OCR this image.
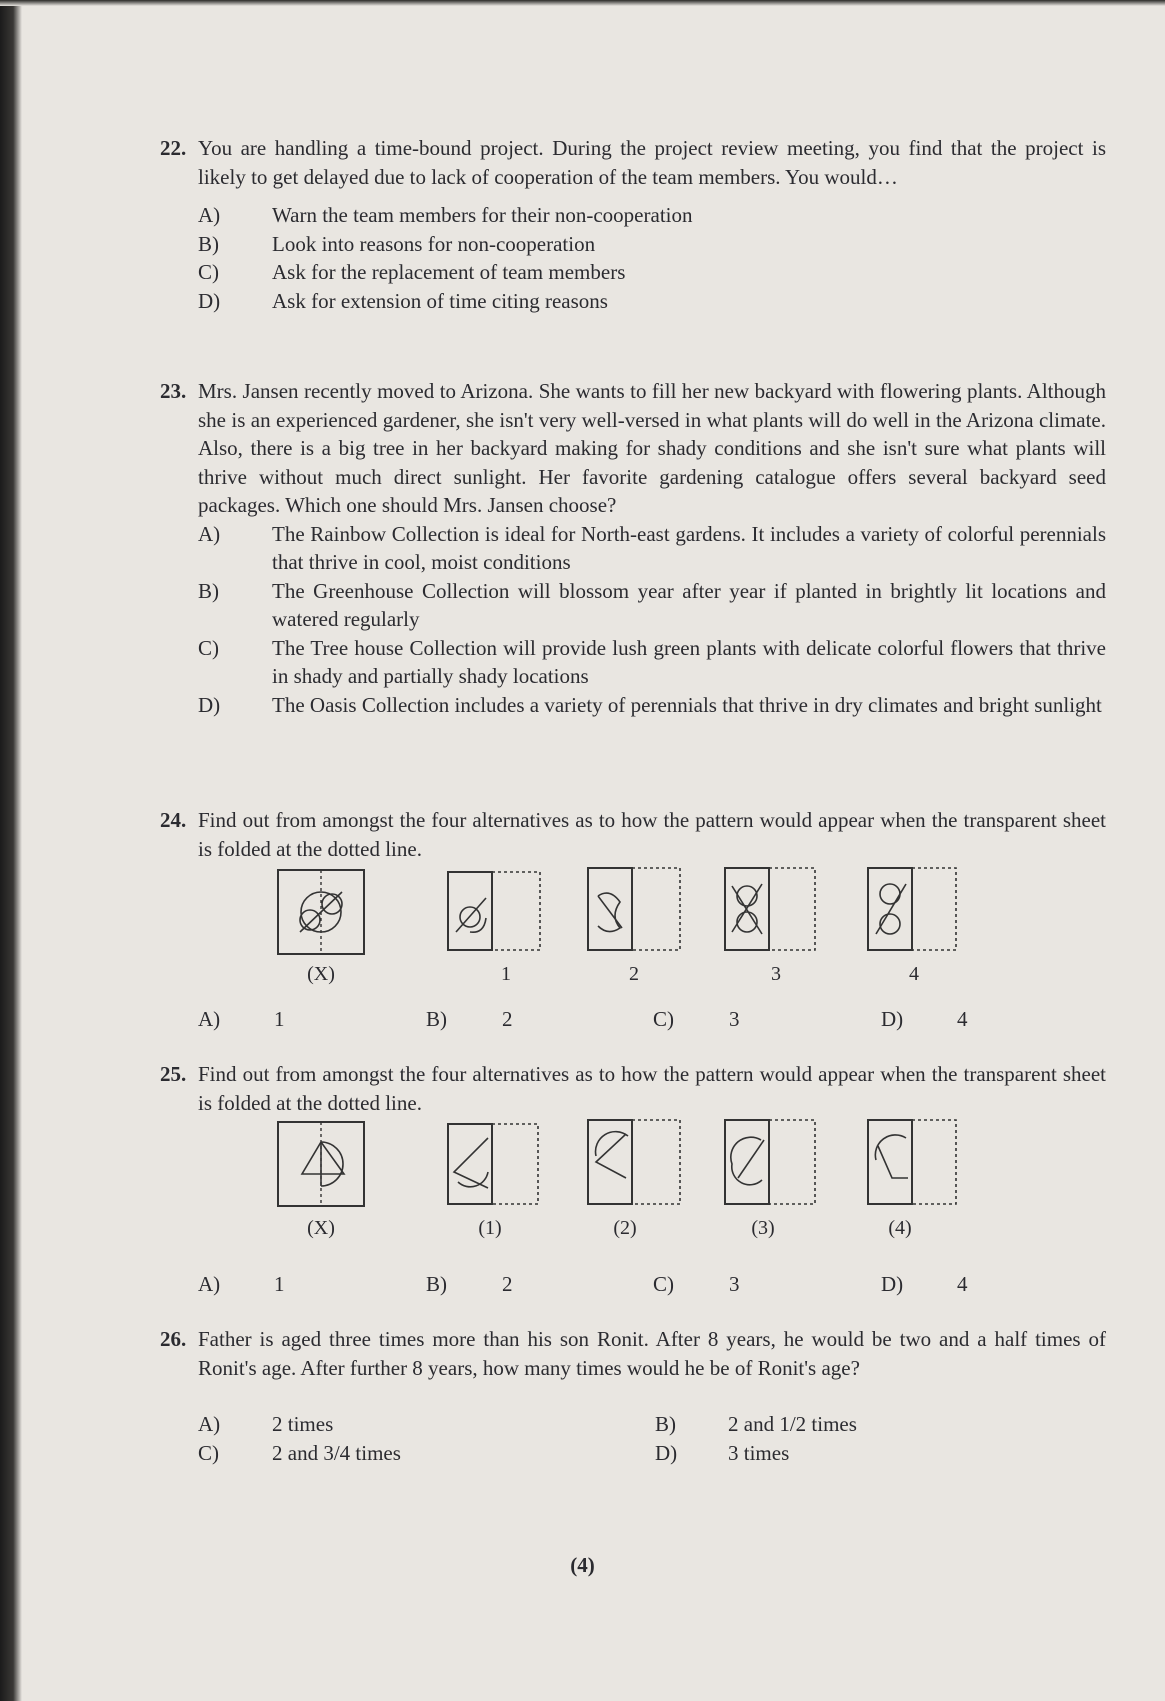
22. You are handling a time-bound project. During the project review meeting, you find that the project is likely to get delayed due to lack of cooperation of the team members. You would…
A) Warn the team members for their non-cooperation
B)	Look into reasons for non-cooperation
C)	Ask for the replacement of team members
D) Ask for extension of time citing reasons
23. Mrs. Jansen recently moved to Arizona. She wants to fill her new backyard with flowering plants. Although she is an experienced gardener, she isn't very well-versed in what plants will do well in the Arizona climate. Also, there is a big tree in her backyard making for shady conditions and she isn't sure what plants will thrive without much direct sunlight. Her favorite gardening catalogue offers several backyard seed packages. Which one should Mrs. Jansen choose?
A) The Rainbow Collection is ideal for North-east gardens. It includes a variety of colorful perennials that thrive in cool, moist conditions
B)	The Greenhouse Collection will blossom year after year if planted in brightly lit locations and watered regularly
C)	The Tree house Collection will provide lush green plants with delicate colorful flowers that thrive in shady and partially shady locations
D) The Oasis Collection includes a variety of perennials that thrive in dry climates and bright sunlight
24. Find out from amongst the four alternatives as to how the pattern would appear when the transparent sheet is folded at the dotted line.
(X)	1	2	3	4
A)	1	B)	2	C)	3	D)	4
25. Find out from amongst the four alternatives as to how the pattern would appear when the transparent sheet is folded at the dotted line.
(X)	(1)	(2)	(3)	(4)
A)	1	B)	2	C)	3	D)	4
26. Father is aged three times more than his son Ronit. After 8 years, he would be two and a half times of Ronit's age. After further 8 years, how many times would he be of Ronit's age?
A) 2 times	B) 2 and 1/2 times
C)	2 and 3/4 times	D) 3 times
(4)
